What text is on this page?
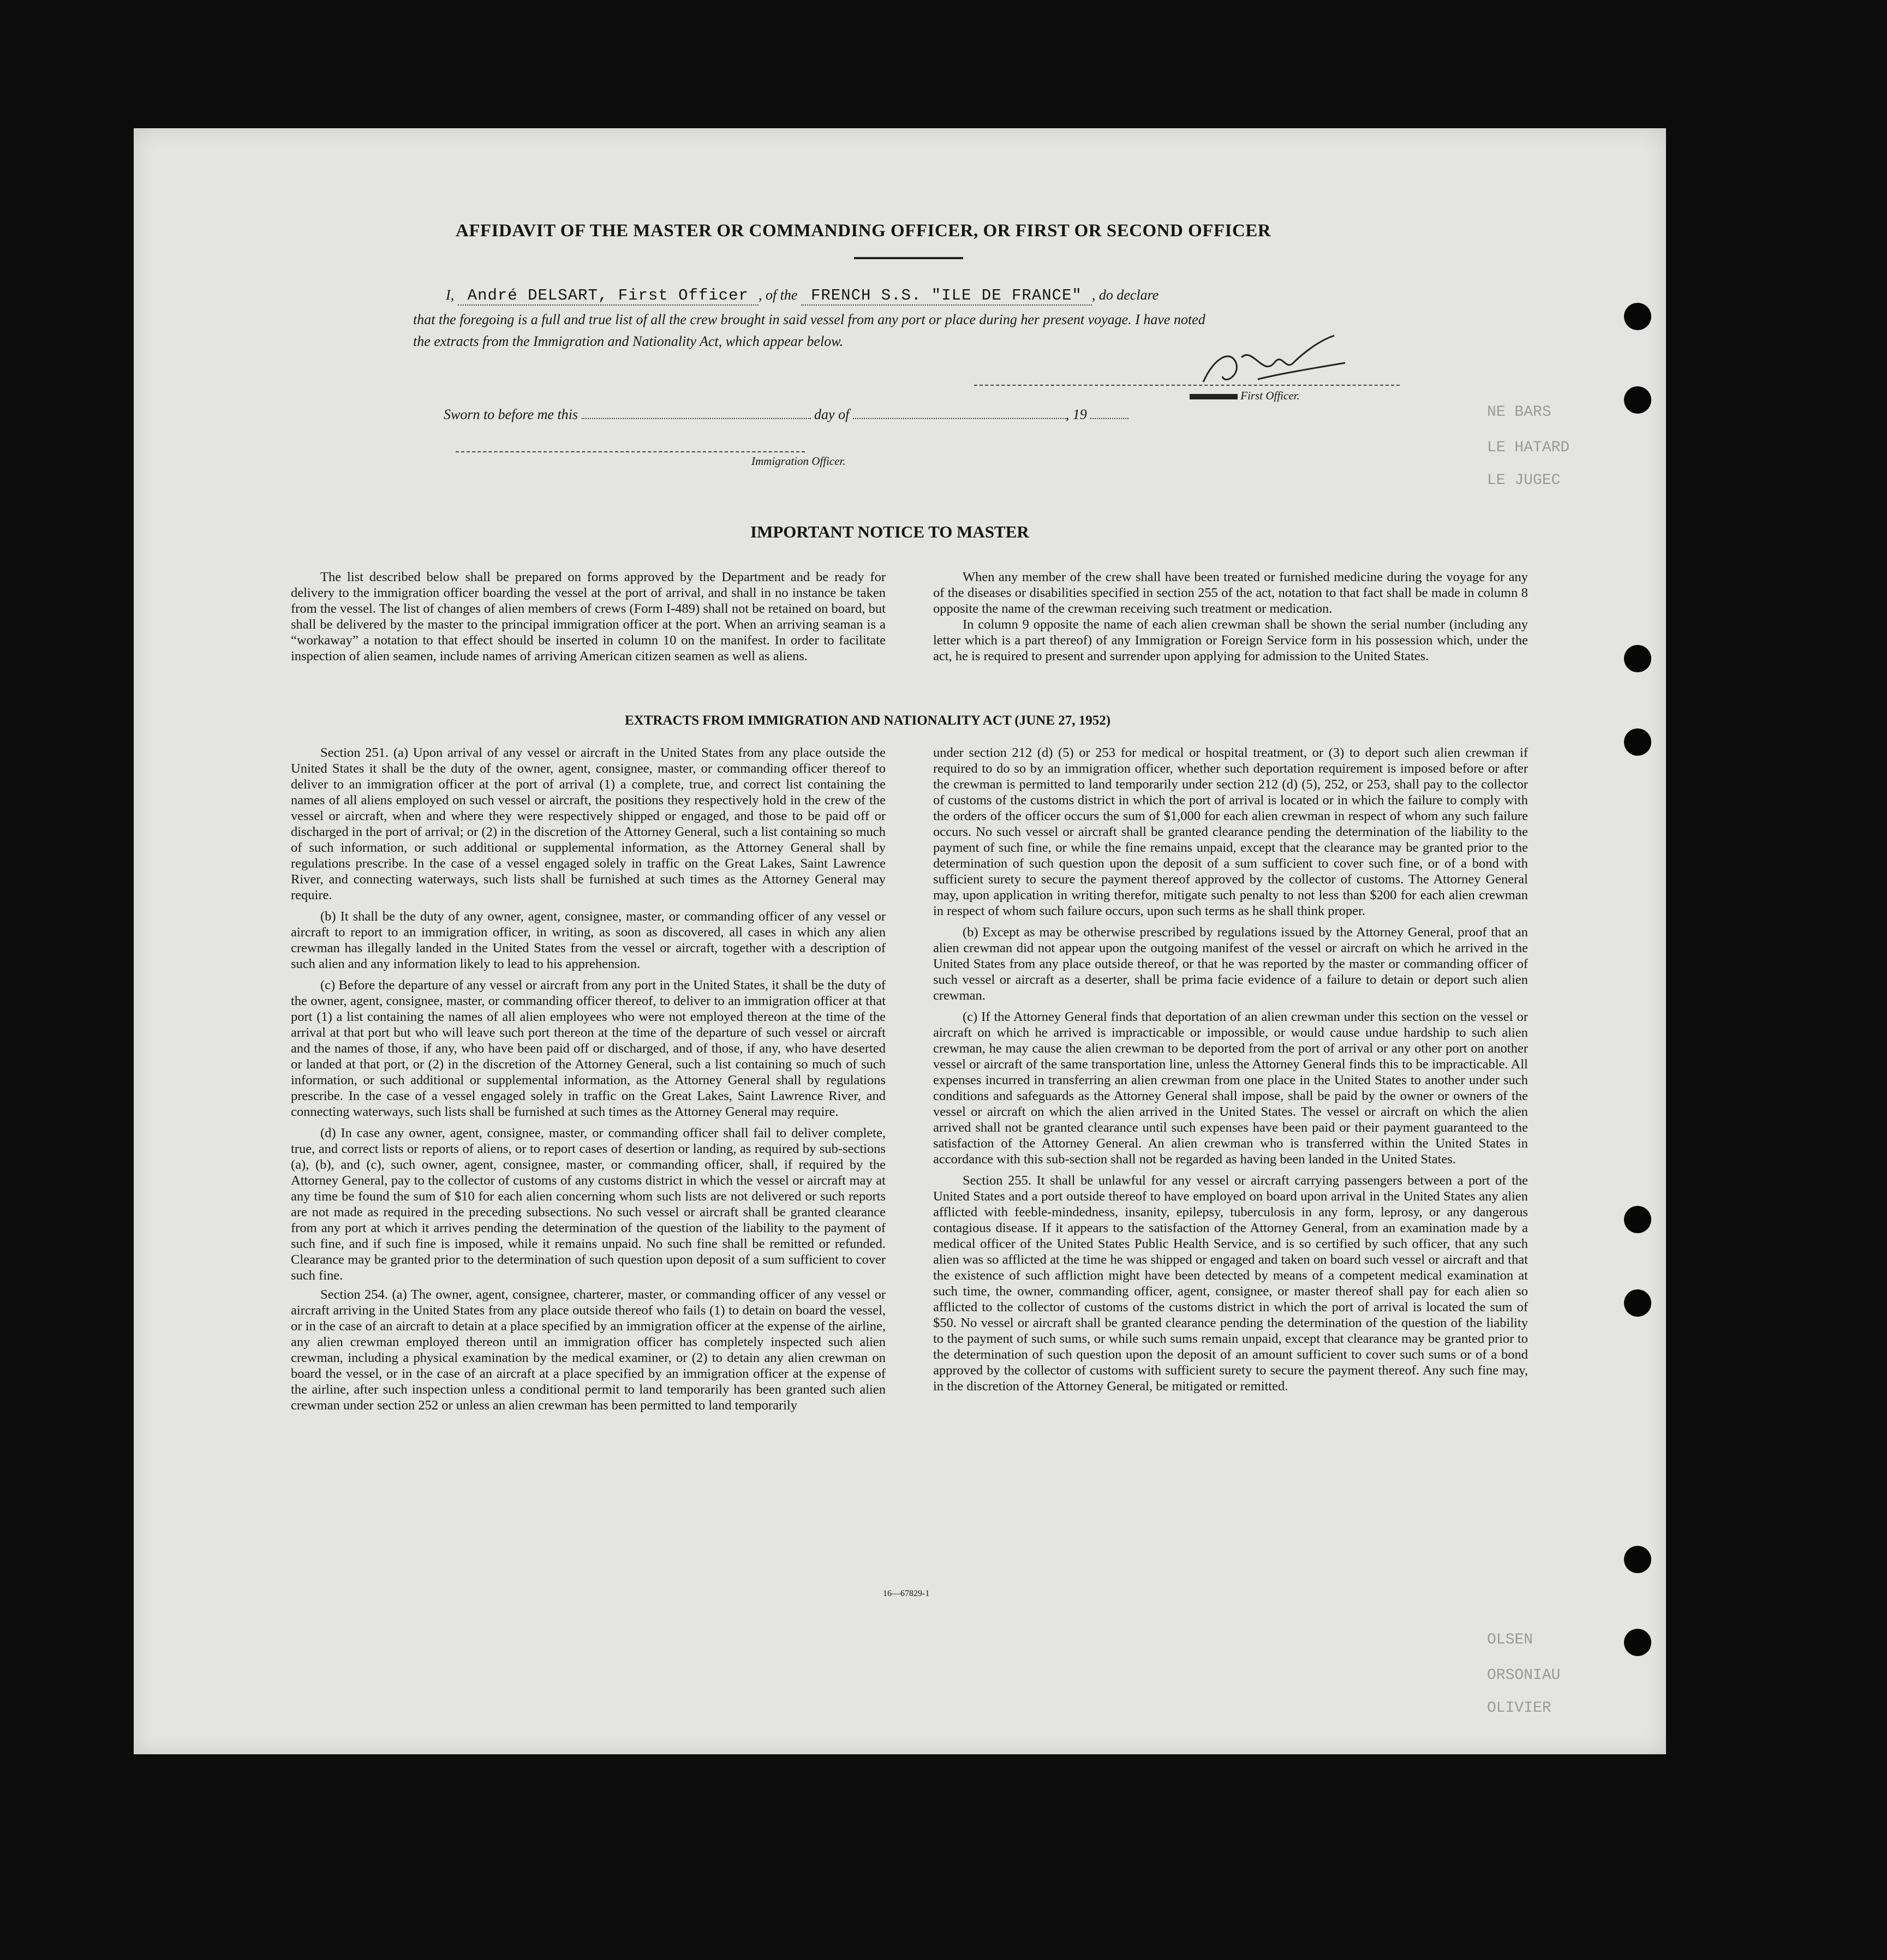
NE BARS
LE HATARD
LE JUGEC
OLSEN
ORSONIAU
OLIVIER
AFFIDAVIT OF THE MASTER OR COMMANDING OFFICER, OR FIRST OR SECOND OFFICER
I, André DELSART, First Officer , of the FRENCH S.S. "ILE DE FRANCE" , do declare
that the foregoing is a full and true list of all the crew brought in said vessel from any port or place during her present voyage. I have noted
the extracts from the Immigration and Nationality Act, which appear below.
First Officer.
Sworn to before me this	day of	, 19
Immigration Officer.
IMPORTANT NOTICE TO MASTER

The list described below shall be prepared on forms approved by the Department and be ready for delivery to the immigration officer boarding the vessel at the port of arrival, and shall in no instance be taken from the vessel. The list of changes of alien members of crews (Form I-489) shall not be retained on board, but shall be delivered by the master to the principal immigration officer at the port. When an arriving seaman is a “workaway” a notation to that effect should be inserted in column 10 on the manifest. In order to facilitate inspection of alien seamen, include names of arriving American citizen seamen as well as aliens.

When any member of the crew shall have been treated or furnished medicine during the voyage for any of the diseases or disabilities specified in section 255 of the act, notation to that fact shall be made in column 8 opposite the name of the crewman receiving such treatment or medication.

In column 9 opposite the name of each alien crewman shall be shown the serial number (including any letter which is a part thereof) of any Immigration or Foreign Service form in his possession which, under the act, he is required to present and surrender upon applying for admission to the United States.

EXTRACTS FROM IMMIGRATION AND NATIONALITY ACT (JUNE 27, 1952)

Section 251. (a) Upon arrival of any vessel or aircraft in the United States from any place outside the United States it shall be the duty of the owner, agent, consignee, master, or commanding officer thereof to deliver to an immigration officer at the port of arrival (1) a complete, true, and correct list containing the names of all aliens employed on such vessel or aircraft, the positions they respectively hold in the crew of the vessel or aircraft, when and where they were respectively shipped or engaged, and those to be paid off or discharged in the port of arrival; or (2) in the discretion of the Attorney General, such a list containing so much of such information, or such additional or supplemental information, as the Attorney General shall by regulations prescribe. In the case of a vessel engaged solely in traffic on the Great Lakes, Saint Lawrence River, and connecting waterways, such lists shall be furnished at such times as the Attorney General may require.

(b) It shall be the duty of any owner, agent, consignee, master, or commanding officer of any vessel or aircraft to report to an immigration officer, in writing, as soon as discovered, all cases in which any alien crewman has illegally landed in the United States from the vessel or aircraft, together with a description of such alien and any information likely to lead to his apprehension.

(c) Before the departure of any vessel or aircraft from any port in the United States, it shall be the duty of the owner, agent, consignee, master, or commanding officer thereof, to deliver to an immigration officer at that port (1) a list containing the names of all alien employees who were not employed thereon at the time of the arrival at that port but who will leave such port thereon at the time of the departure of such vessel or aircraft and the names of those, if any, who have been paid off or discharged, and of those, if any, who have deserted or landed at that port, or (2) in the discretion of the Attorney General, such a list containing so much of such information, or such additional or supplemental information, as the Attorney General shall by regulations prescribe. In the case of a vessel engaged solely in traffic on the Great Lakes, Saint Lawrence River, and connecting waterways, such lists shall be furnished at such times as the Attorney General may require.

(d) In case any owner, agent, consignee, master, or commanding officer shall fail to deliver complete, true, and correct lists or reports of aliens, or to report cases of desertion or landing, as required by sub-sections (a), (b), and (c), such owner, agent, consignee, master, or commanding officer, shall, if required by the Attorney General, pay to the collector of customs of any customs district in which the vessel or aircraft may at any time be found the sum of $10 for each alien concerning whom such lists are not delivered or such reports are not made as required in the preceding subsections. No such vessel or aircraft shall be granted clearance from any port at which it arrives pending the determination of the question of the liability to the payment of such fine, and if such fine is imposed, while it remains unpaid. No such fine shall be remitted or refunded. Clearance may be granted prior to the determination of such question upon deposit of a sum sufficient to cover such fine.

Section 254. (a) The owner, agent, consignee, charterer, master, or commanding officer of any vessel or aircraft arriving in the United States from any place outside thereof who fails (1) to detain on board the vessel, or in the case of an aircraft to detain at a place specified by an immigration officer at the expense of the airline, any alien crewman employed thereon until an immigration officer has completely inspected such alien crewman, including a physical examination by the medical examiner, or (2) to detain any alien crewman on board the vessel, or in the case of an aircraft at a place specified by an immigration officer at the expense of the airline, after such inspection unless a conditional permit to land temporarily has been granted such alien crewman under section 252 or unless an alien crewman has been permitted to land temporarily

under section 212 (d) (5) or 253 for medical or hospital treatment, or (3) to deport such alien crewman if required to do so by an immigration officer, whether such deportation requirement is imposed before or after the crewman is permitted to land temporarily under section 212 (d) (5), 252, or 253, shall pay to the collector of customs of the customs district in which the port of arrival is located or in which the failure to comply with the orders of the officer occurs the sum of $1,000 for each alien crewman in respect of whom any such failure occurs. No such vessel or aircraft shall be granted clearance pending the determination of the liability to the payment of such fine, or while the fine remains unpaid, except that the clearance may be granted prior to the determination of such question upon the deposit of a sum sufficient to cover such fine, or of a bond with sufficient surety to secure the payment thereof approved by the collector of customs. The Attorney General may, upon application in writing therefor, mitigate such penalty to not less than $200 for each alien crewman in respect of whom such failure occurs, upon such terms as he shall think proper.

(b) Except as may be otherwise prescribed by regulations issued by the Attorney General, proof that an alien crewman did not appear upon the outgoing manifest of the vessel or aircraft on which he arrived in the United States from any place outside thereof, or that he was reported by the master or commanding officer of such vessel or aircraft as a deserter, shall be prima facie evidence of a failure to detain or deport such alien crewman.

(c) If the Attorney General finds that deportation of an alien crewman under this section on the vessel or aircraft on which he arrived is impracticable or impossible, or would cause undue hardship to such alien crewman, he may cause the alien crewman to be deported from the port of arrival or any other port on another vessel or aircraft of the same transportation line, unless the Attorney General finds this to be impracticable. All expenses incurred in transferring an alien crewman from one place in the United States to another under such conditions and safeguards as the Attorney General shall impose, shall be paid by the owner or owners of the vessel or aircraft on which the alien arrived in the United States. The vessel or aircraft on which the alien arrived shall not be granted clearance until such expenses have been paid or their payment guaranteed to the satisfaction of the Attorney General. An alien crewman who is transferred within the United States in accordance with this sub-section shall not be regarded as having been landed in the United States.

Section 255. It shall be unlawful for any vessel or aircraft carrying passengers between a port of the United States and a port outside thereof to have employed on board upon arrival in the United States any alien afflicted with feeble-mindedness, insanity, epilepsy, tuberculosis in any form, leprosy, or any dangerous contagious disease. If it appears to the satisfaction of the Attorney General, from an examination made by a medical officer of the United States Public Health Service, and is so certified by such officer, that any such alien was so afflicted at the time he was shipped or engaged and taken on board such vessel or aircraft and that the existence of such affliction might have been detected by means of a competent medical examination at such time, the owner, commanding officer, agent, consignee, or master thereof shall pay for each alien so afflicted to the collector of customs of the customs district in which the port of arrival is located the sum of $50. No vessel or aircraft shall be granted clearance pending the determination of the question of the liability to the payment of such sums, or while such sums remain unpaid, except that clearance may be granted prior to the determination of such question upon the deposit of an amount sufficient to cover such sums or of a bond approved by the collector of customs with sufficient surety to secure the payment thereof. Any such fine may, in the discretion of the Attorney General, be mitigated or remitted.

16—67829-1
